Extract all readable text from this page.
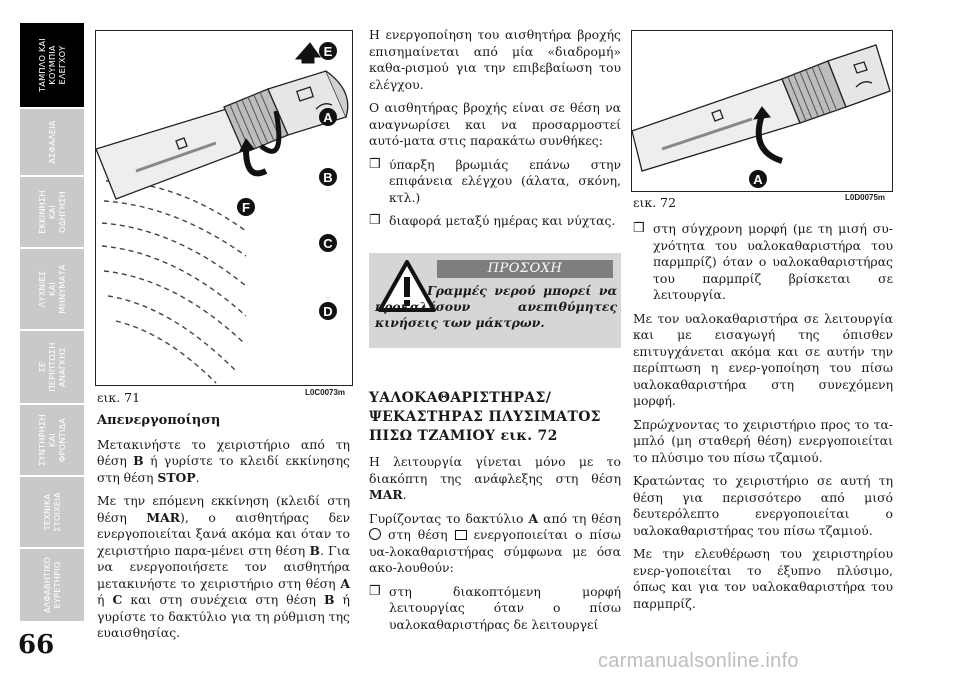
ΤΑΜΠΛΟ ΚΑΙ
ΚΟΥΜΠΙΑ
ΕΛΕΓΧΟΥ
ΑΣΦΑΛΕΙΑ
ΕΚΚΙΝΗΣΗ
ΚΑΙ
ΟΔΗΓΗΣΗ
ΛΥΧΝΙΕΣ
ΚΑΙ
ΜΗΝΥΜΑΤΑ
ΣΕ
ΠΕΡΙΠΤΩΣΗ
ΑΝΑΓΚΗΣ
ΣΥΝΤΗΡΗΣΗ
ΚΑΙ
ΦΡΟΝΤΙΔΑ
ΤΕΧΝΙΚΑ
ΣΤΟΙΧΕΙΑ
ΑΛΦΑΒΗΤΙΚΟ
ΕΥΡΕΤΗΡΙΟ
66
E
A
B
F
C
D
εικ. 71	L0C0073m
A
εικ. 72	L0D0075m
Απενεργοποίηση

Μετακινήστε το χειριστήριο από τη θέση B ή γυρίστε το κλειδί εκκίνησης στη θέση STOP.

Με την επόμενη εκκίνηση (κλειδί στη θέση MAR), ο αισθητήρας δεν ενεργοποιείται ξανά ακόμα και όταν το χειριστήριο παρα-μένει στη θέση B. Για να ενεργοποιήσετε τον αισθητήρα μετακινήστε το χειριστήριο στη θέση A ή C και στη συνέχεια στη θέση B ή γυρίστε το δακτύλιο για τη ρύθμιση της ευαισθησίας.

Η ενεργοποίηση του αισθητήρα βροχής επισημαίνεται από μία «διαδρομή» καθα-ρισμού για την επιβεβαίωση του ελέγχου.

Ο αισθητήρας βροχής είναι σε θέση να αναγνωρίσει και να προσαρμοστεί αυτό-ματα στις παρακάτω συνθήκες:

❒ ύπαρξη βρωμιάς επάνω στην επιφάνεια ελέγχου (άλατα, σκόνη, κτλ.)
❒ διαφορά μεταξύ ημέρας και νύχτας.
ΠΡΟΣΟΧΗ
Γραμμές νερού μπορεί να προκαλέσουν ανεπιθύμητες κινήσεις των μάκτρων.
ΥΑΛΟΚΑΘΑΡΙΣΤΗΡΑΣ/ ΨΕΚΑΣΤΗΡΑΣ ΠΛΥΣΙΜΑΤΟΣ ΠΙΣΩ ΤΖΑΜΙΟΥ εικ. 72

Η λειτουργία γίνεται μόνο με το διακόπτη της ανάφλεξης στη θέση MAR.

Γυρίζοντας το δακτύλιο A από τη θέση  στη θέση  ενεργοποιείται ο πίσω υα-λοκαθαριστήρας σύμφωνα με όσα ακο-λουθούν:

❒ στη διακοπτόμενη μορφή λειτουργίας όταν ο πίσω υαλοκαθαριστήρας δε λειτουργεί
❒ στη σύγχρονη μορφή (με τη μισή συ-χνότητα του υαλοκαθαριστήρα του παρμπρίζ) όταν ο υαλοκαθαριστήρας του παρμπρίζ βρίσκεται σε λειτουργία.

Με τον υαλοκαθαριστήρα σε λειτουργία και με εισαγωγή της όπισθεν επιτυγχάνεται ακόμα και σε αυτήν την περίπτωση η ενερ-γοποίηση του πίσω υαλοκαθαριστήρα στη συνεχόμενη μορφή.

Σπρώχνοντας το χειριστήριο προς το τα-μπλό (μη σταθερή θέση) ενεργοποιείται το πλύσιμο του πίσω τζαμιού.

Κρατώντας το χειριστήριο σε αυτή τη θέση για περισσότερο από μισό δευτερόλεπτο ενεργοποιείται ο υαλοκαθαριστήρας του πίσω τζαμιού.

Με την ελευθέρωση του χειριστηρίου ενερ-γοποιείται το έξυπνο πλύσιμο, όπως και για τον υαλοκαθαριστήρα του παρμπρίζ.

carmanualsonline.info
